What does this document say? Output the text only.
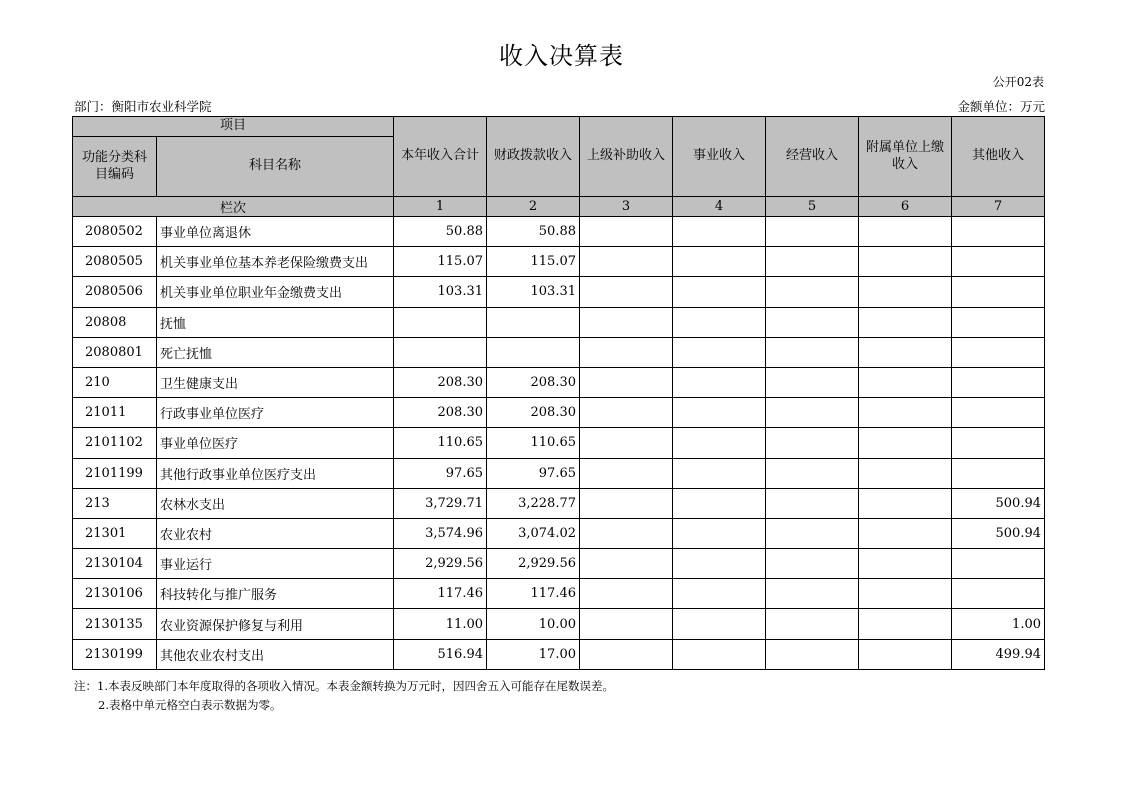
收入决算表
公开02表
部门：衡阳市农业科学院	金额单位：万元
项目		本年收入合计	财政拨款收入	上级补助收入	事业收入	经营收入	附属单位上缴收入	其他收入
功能分类科目编码	科目名称							
栏次		1	2	3	4	5	6	7
2080502	事业单位离退休	50.88	50.88					
2080505	机关事业单位基本养老保险缴费支出	115.07	115.07					
2080506	机关事业单位职业年金缴费支出	103.31	103.31					
20808	抚恤							
2080801	死亡抚恤							
210	卫生健康支出	208.30	208.30					
21011	行政事业单位医疗	208.30	208.30					
2101102	事业单位医疗	110.65	110.65					
2101199	其他行政事业单位医疗支出	97.65	97.65					
213	农林水支出	3,729.71	3,228.77					500.94
21301	农业农村	3,574.96	3,074.02					500.94
2130104	事业运行	2,929.56	2,929.56					
2130106	科技转化与推广服务	117.46	117.46					
2130135	农业资源保护修复与利用	11.00	10.00					1.00
2130199	其他农业农村支出	516.94	17.00					499.94
注：1.本表反映部门本年度取得的各项收入情况。本表金额转换为万元时，因四舍五入可能存在尾数误差。
2.表格中单元格空白表示数据为零。
